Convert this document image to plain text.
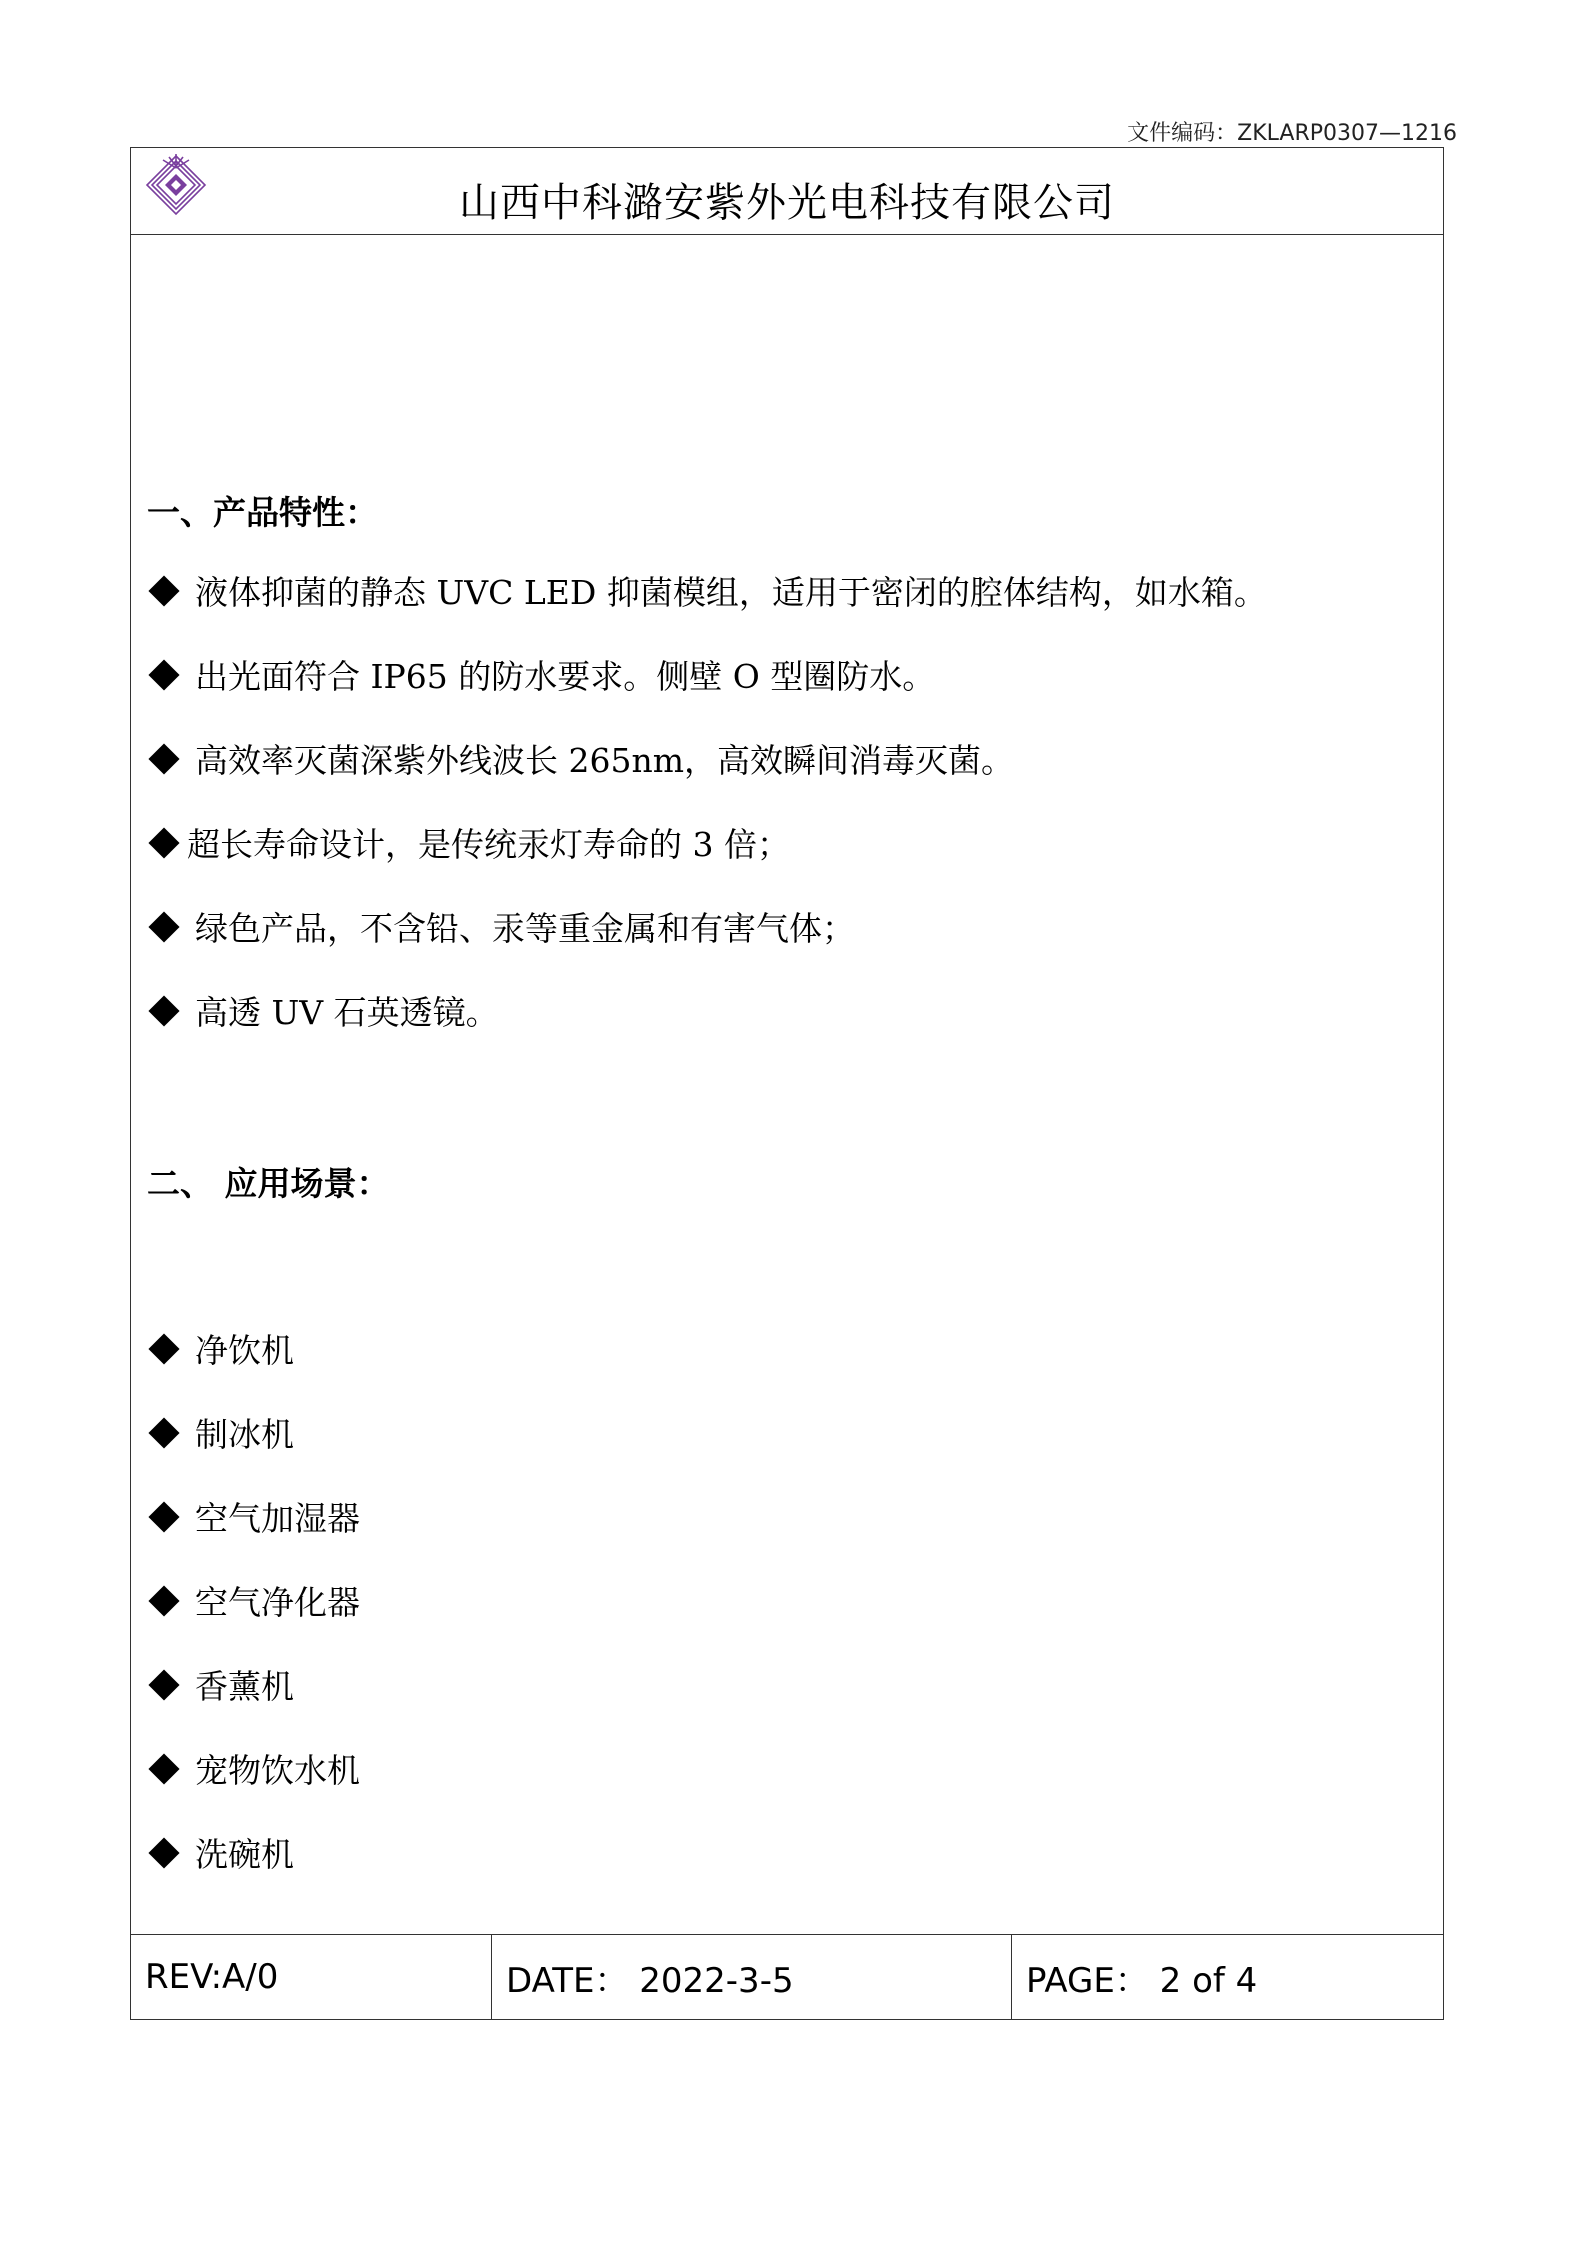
文件编码：ZKLARP0307—1216
山西中科潞安紫外光电科技有限公司
一、产品特性：
液体抑菌的静态 UVC LED 抑菌模组，适用于密闭的腔体结构，如水箱。
出光面符合 IP65 的防水要求。侧壁 O 型圈防水。
高效率灭菌深紫外线波长 265nm，高效瞬间消毒灭菌。
超长寿命设计，是传统汞灯寿命的 3 倍；
绿色产品，不含铅、汞等重金属和有害气体；
高透 UV 石英透镜。
二、 应用场景：
净饮机
制冰机
空气加湿器
空气净化器
香薰机
宠物饮水机
洗碗机
REV:A/0	DATE： 2022-3-5	PAGE： 2 of 4
